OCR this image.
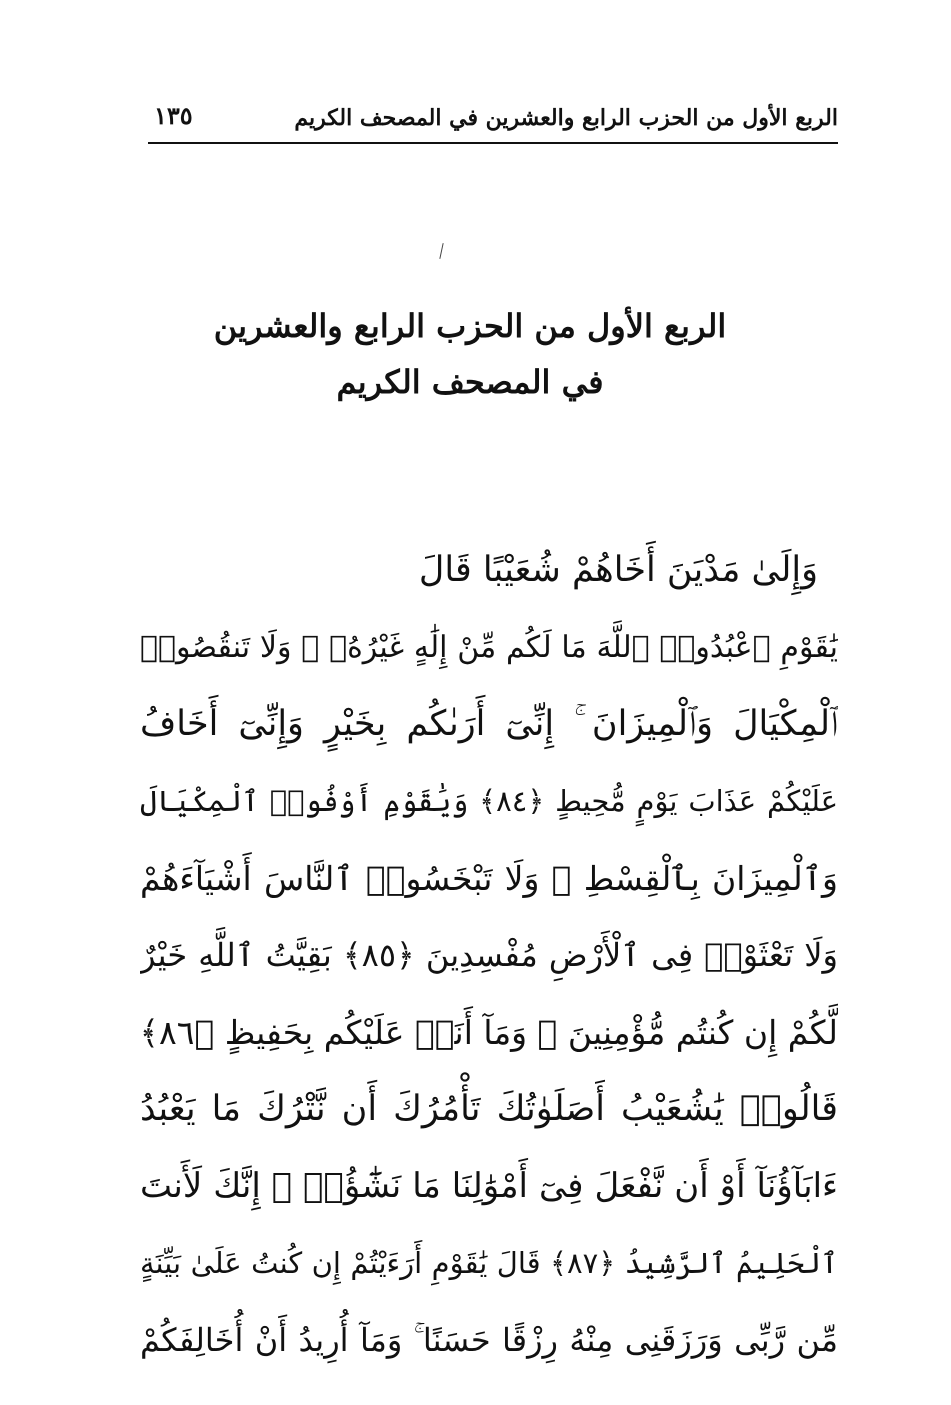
الربع الأول من الحزب الرابع والعشرين في المصحف الكريم
١٣٥
الربع الأول من الحزب الرابع والعشرين
في المصحف الكريم
وَإِلَىٰ مَدْيَنَ أَخَاهُمْ شُعَيْبًا قَالَ
يَٰقَوْمِ ٱعْبُدُوا۟ ٱللَّهَ مَا لَكُم مِّنْ إِلَٰهٍ غَيْرُهُۥ ۖ وَلَا تَنقُصُوا۟
ٱلْمِكْيَالَ وَٱلْمِيزَانَ ۚ إِنِّىٓ أَرَىٰكُم بِخَيْرٍ وَإِنِّىٓ أَخَافُ
عَلَيْكُمْ عَذَابَ يَوْمٍ مُّحِيطٍ ﴿٨٤﴾ وَيَٰقَوْمِ أَوْفُوا۟ ٱلْمِكْيَالَ
وَٱلْمِيزَانَ بِٱلْقِسْطِ ۖ وَلَا تَبْخَسُوا۟ ٱلنَّاسَ أَشْيَآءَهُمْ
وَلَا تَعْثَوْا۟ فِى ٱلْأَرْضِ مُفْسِدِينَ ﴿٨٥﴾ بَقِيَّتُ ٱللَّهِ خَيْرٌ
لَّكُمْ إِن كُنتُم مُّؤْمِنِينَ ۚ وَمَآ أَنَا۠ عَلَيْكُم بِحَفِيظٍ ﴿٨٦﴾
قَالُوا۟ يَٰشُعَيْبُ أَصَلَوٰتُكَ تَأْمُرُكَ أَن نَّتْرُكَ مَا يَعْبُدُ
ءَابَآؤُنَآ أَوْ أَن نَّفْعَلَ فِىٓ أَمْوَٰلِنَا مَا نَشَٰٓؤُا۟ ۖ إِنَّكَ لَأَنتَ
ٱلْحَلِيمُ ٱلرَّشِيدُ ﴿٨٧﴾ قَالَ يَٰقَوْمِ أَرَءَيْتُمْ إِن كُنتُ عَلَىٰ بَيِّنَةٍ
مِّن رَّبِّى وَرَزَقَنِى مِنْهُ رِزْقًا حَسَنًا ۚ وَمَآ أُرِيدُ أَنْ أُخَالِفَكُمْ
